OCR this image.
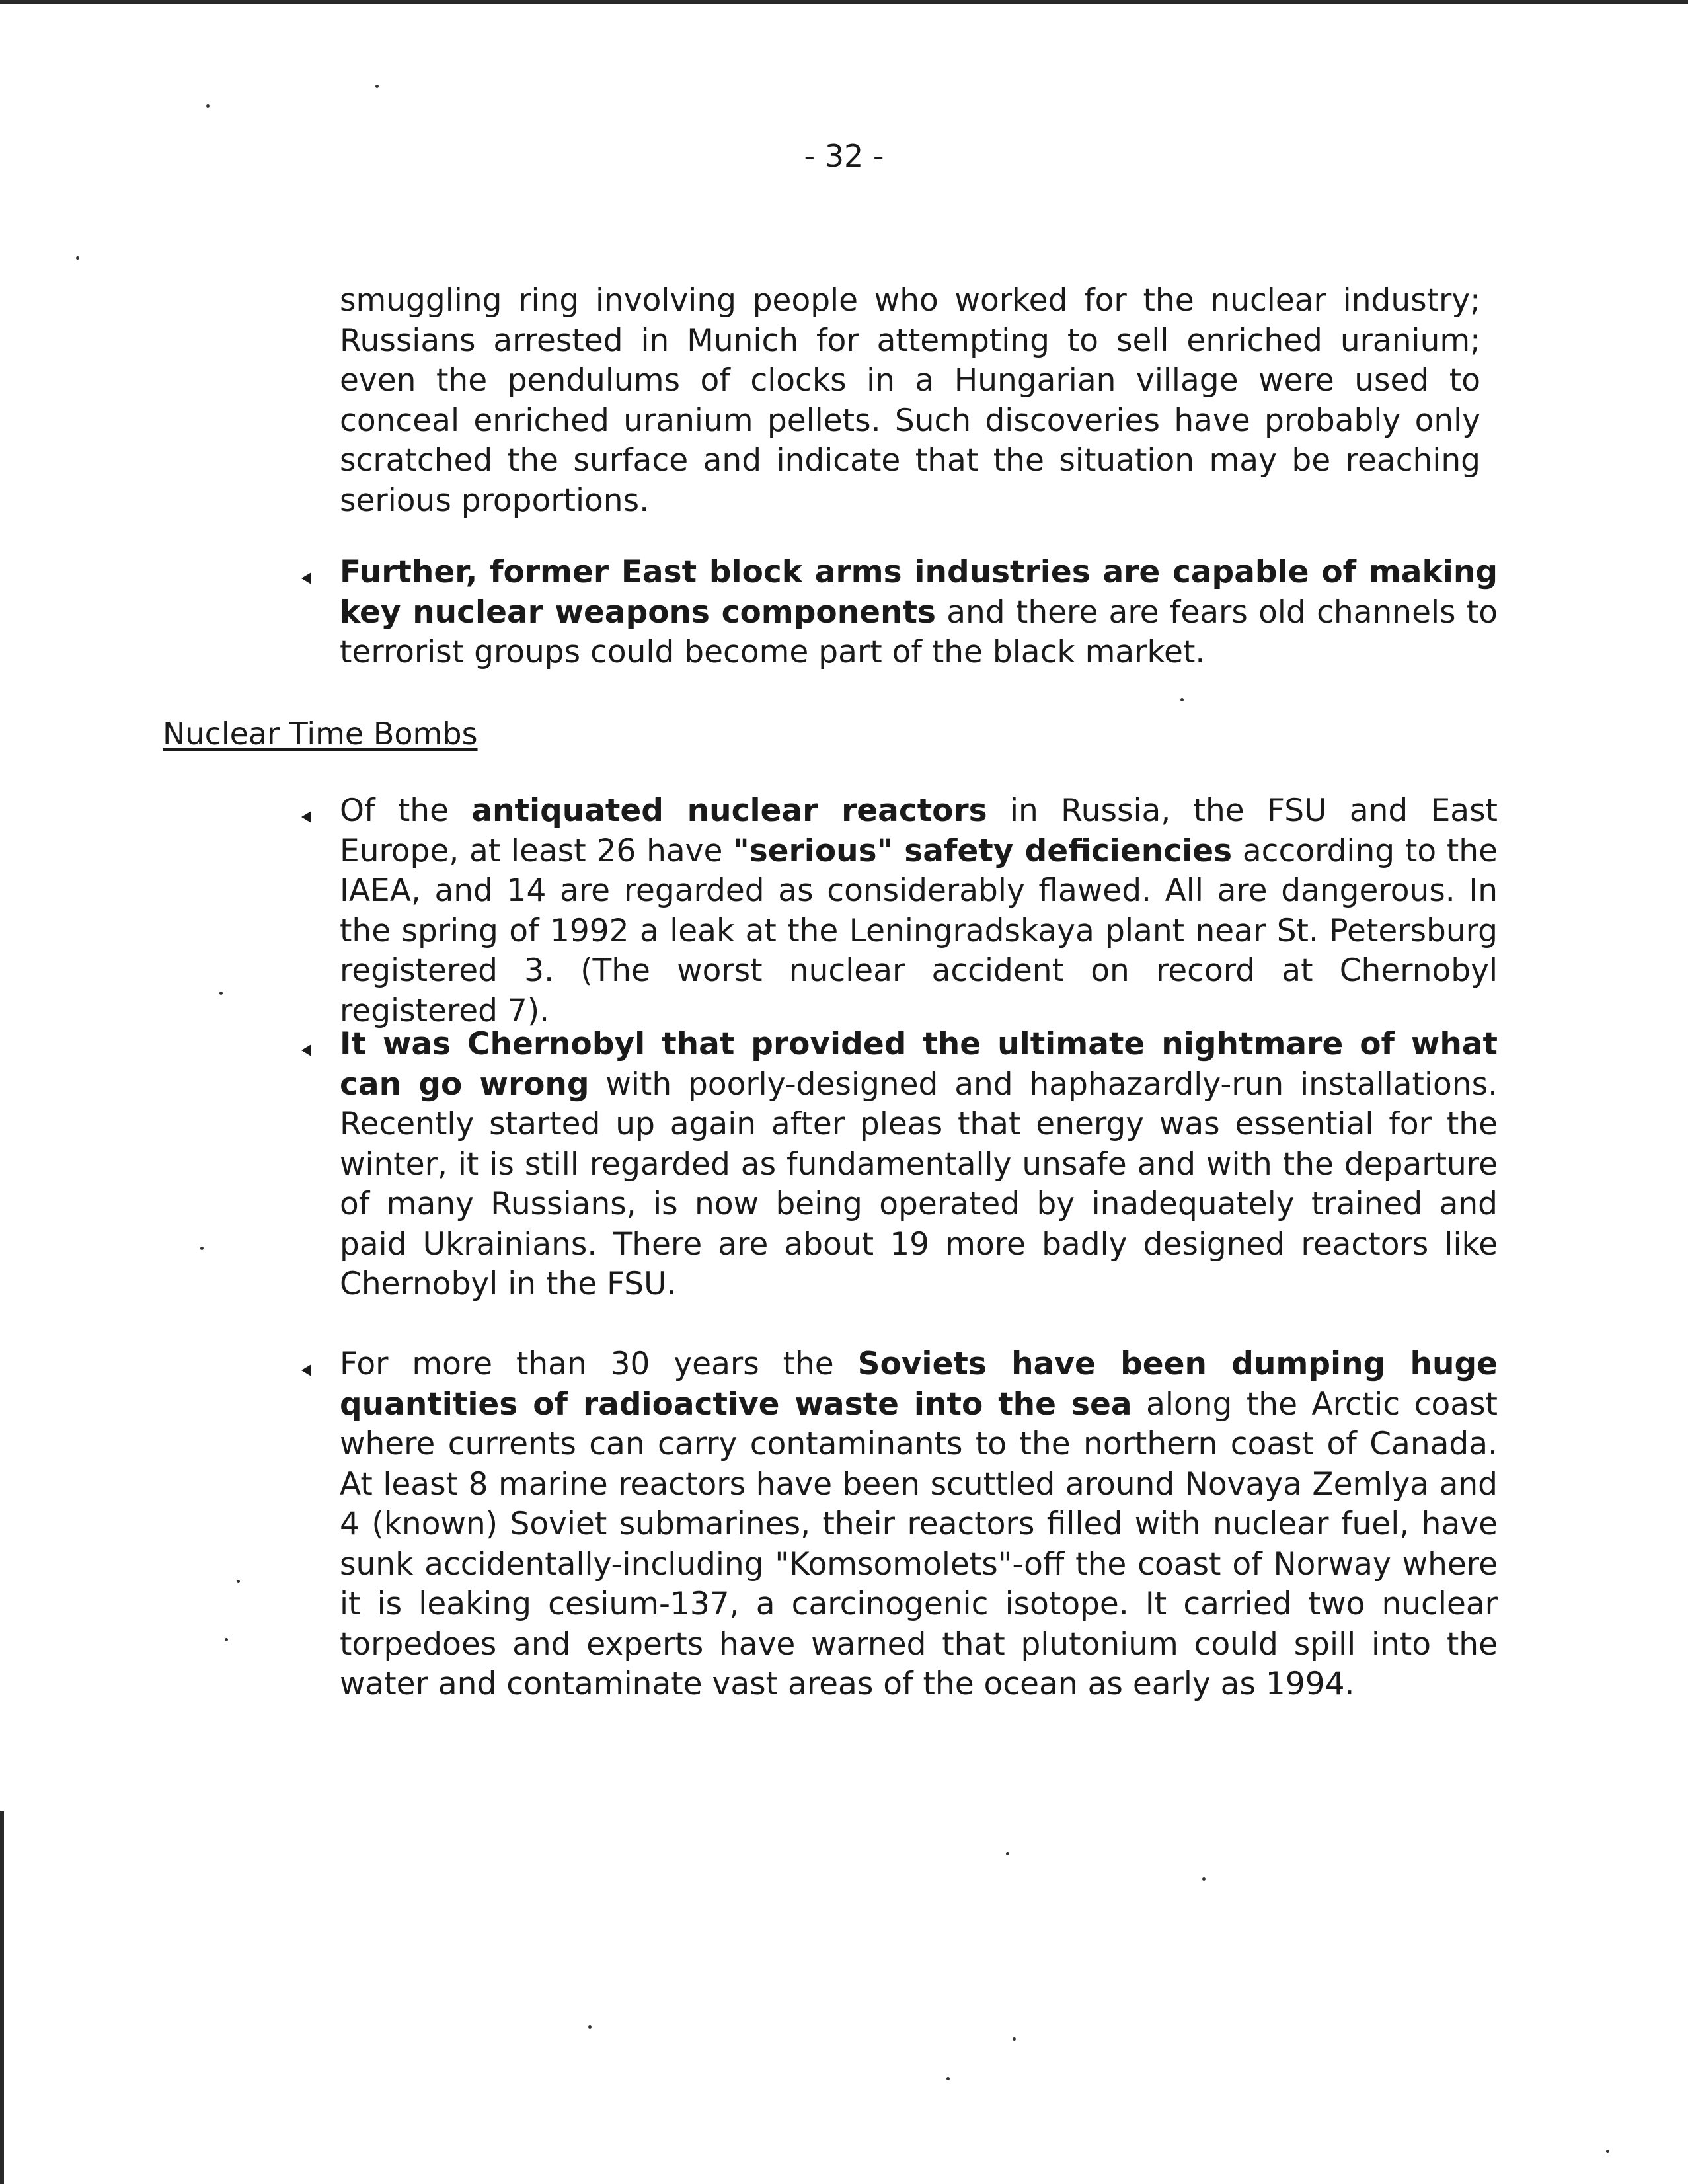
- 32 -

smuggling ring involving people who worked for the nuclear industry; Russians arrested in Munich for attempting to sell enriched uranium; even the pendulums of clocks in a Hungarian village were used to conceal enriched uranium pellets. Such discoveries have probably only scratched the surface and indicate that the situation may be reaching serious proportions.

Further, former East block arms industries are capable of making key nuclear weapons components and there are fears old channels to terrorist groups could become part of the black market.

Nuclear Time Bombs

Of the antiquated nuclear reactors in Russia, the FSU and East Europe, at least 26 have "serious" safety deficiencies according to the IAEA, and 14 are regarded as considerably flawed. All are dangerous. In the spring of 1992 a leak at the Leningradskaya plant near St. Petersburg registered 3. (The worst nuclear accident on record at Chernobyl registered 7).

It was Chernobyl that provided the ultimate nightmare of what can go wrong with poorly-designed and haphazardly-run installations. Recently started up again after pleas that energy was essential for the winter, it is still regarded as fundamentally unsafe and with the departure of many Russians, is now being operated by inadequately trained and paid Ukrainians. There are about 19 more badly designed reactors like Chernobyl in the FSU.

For more than 30 years the Soviets have been dumping huge quantities of radioactive waste into the sea along the Arctic coast where currents can carry contaminants to the northern coast of Canada. At least 8 marine reactors have been scuttled around Novaya Zemlya and 4 (known) Soviet submarines, their reactors filled with nuclear fuel, have sunk accidentally-including "Komsomolets"-off the coast of Norway where it is leaking cesium-137, a carcinogenic isotope. It carried two nuclear torpedoes and experts have warned that plutonium could spill into the water and contaminate vast areas of the ocean as early as 1994.
